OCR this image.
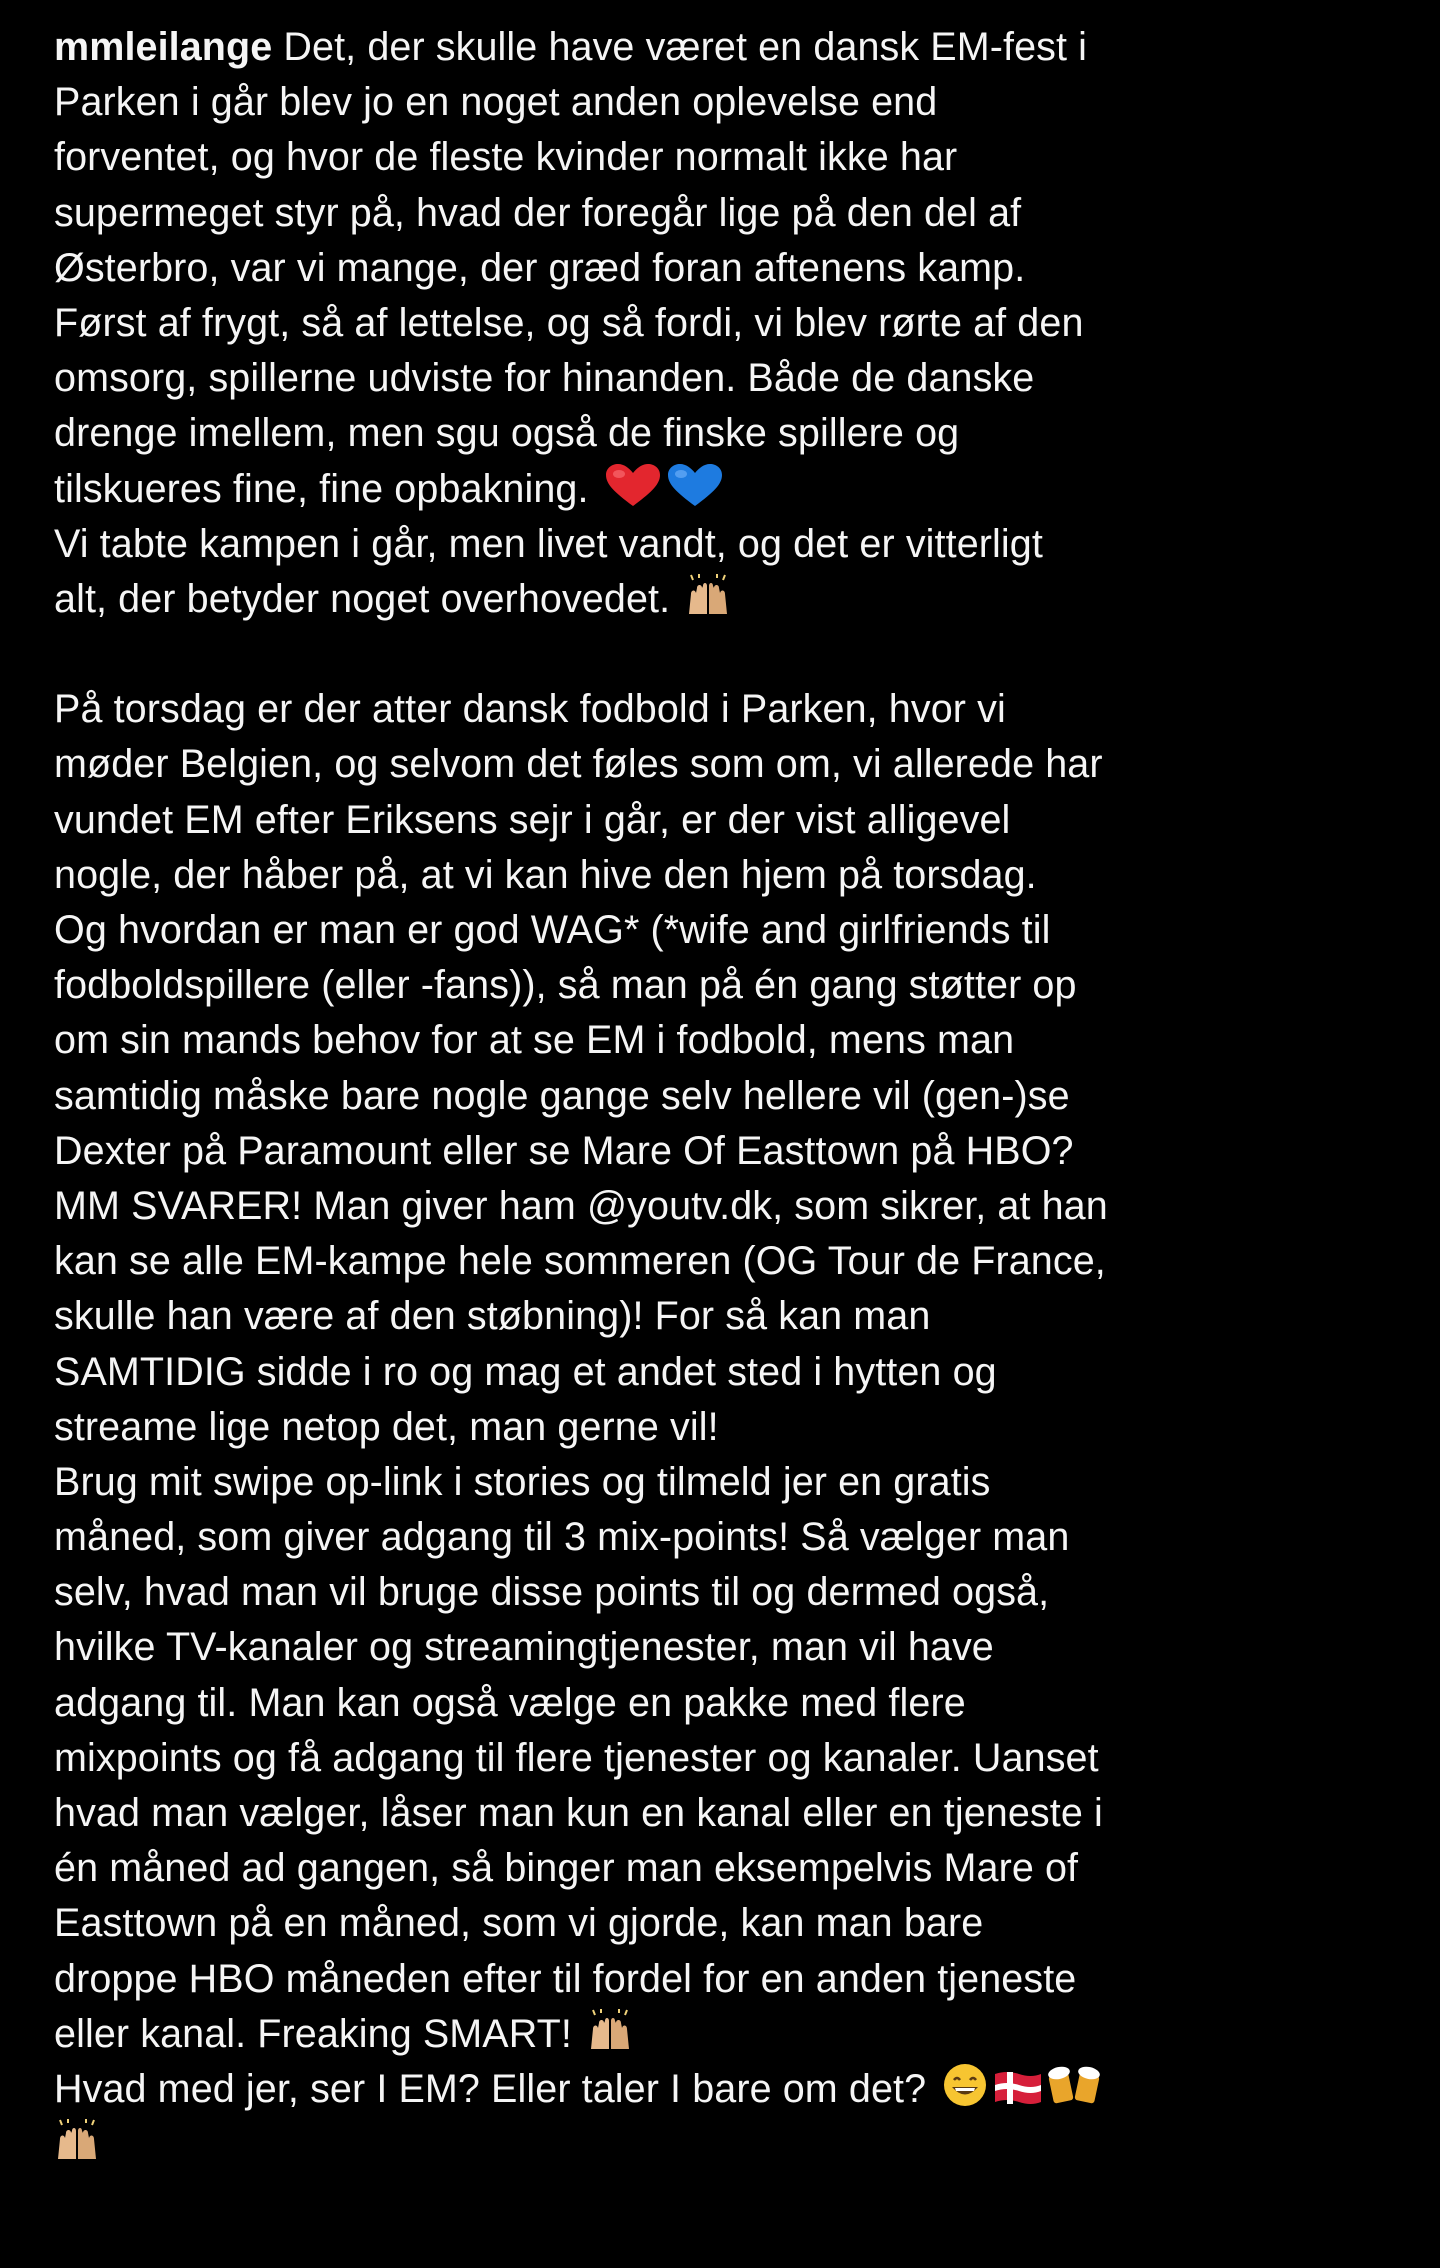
mmleilange Det, der skulle have været en dansk EM-fest i
Parken i går blev jo en noget anden oplevelse end
forventet, og hvor de fleste kvinder normalt ikke har
supermeget styr på, hvad der foregår lige på den del af
Østerbro, var vi mange, der græd foran aftenens kamp.
Først af frygt, så af lettelse, og så fordi, vi blev rørte af den
omsorg, spillerne udviste for hinanden. Både de danske
drenge imellem, men sgu også de finske spillere og
tilskueres fine, fine opbakning.
Vi tabte kampen i går, men livet vandt, og det er vitterligt
alt, der betyder noget overhovedet.
På torsdag er der atter dansk fodbold i Parken, hvor vi
møder Belgien, og selvom det føles som om, vi allerede har
vundet EM efter Eriksens sejr i går, er der vist alligevel
nogle, der håber på, at vi kan hive den hjem på torsdag.
Og hvordan er man er god WAG* (*wife and girlfriends til
fodboldspillere (eller -fans)), så man på én gang støtter op
om sin mands behov for at se EM i fodbold, mens man
samtidig måske bare nogle gange selv hellere vil (gen-)se
Dexter på Paramount eller se Mare Of Easttown på HBO?
MM SVARER! Man giver ham @youtv.dk, som sikrer, at han
kan se alle EM-kampe hele sommeren (OG Tour de France,
skulle han være af den støbning)! For så kan man
SAMTIDIG sidde i ro og mag et andet sted i hytten og
streame lige netop det, man gerne vil!
Brug mit swipe op-link i stories og tilmeld jer en gratis
måned, som giver adgang til 3 mix-points! Så vælger man
selv, hvad man vil bruge disse points til og dermed også,
hvilke TV-kanaler og streamingtjenester, man vil have
adgang til. Man kan også vælge en pakke med flere
mixpoints og få adgang til flere tjenester og kanaler. Uanset
hvad man vælger, låser man kun en kanal eller en tjeneste i
én måned ad gangen, så binger man eksempelvis Mare of
Easttown på en måned, som vi gjorde, kan man bare
droppe HBO måneden efter til fordel for en anden tjeneste
eller kanal. Freaking SMART!
Hvad med jer, ser I EM? Eller taler I bare om det?
